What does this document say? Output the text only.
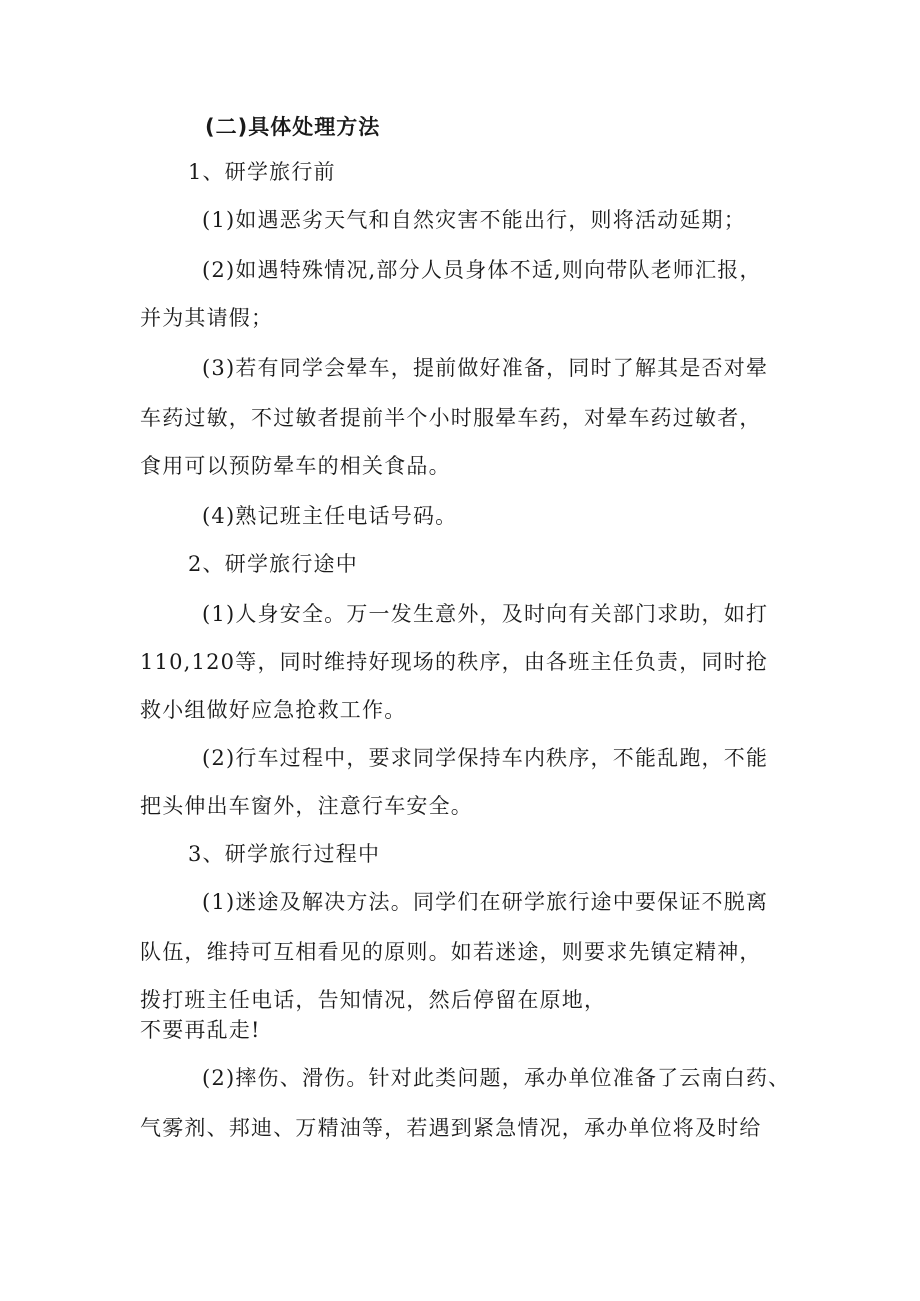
(二)具体处理方法
1、研学旅行前
(1)如遇恶劣天气和自然灾害不能出行，则将活动延期；
(2)如遇特殊情况,部分人员身体不适,则向带队老师汇报，
并为其请假；
(3)若有同学会晕车，提前做好准备，同时了解其是否对晕
车药过敏，不过敏者提前半个小时服晕车药，对晕车药过敏者，
食用可以预防晕车的相关食品。
(4)熟记班主任电话号码。
2、研学旅行途中
(1)人身安全。万一发生意外，及时向有关部门求助，如打
110,120等，同时维持好现场的秩序，由各班主任负责，同时抢
救小组做好应急抢救工作。
(2)行车过程中，要求同学保持车内秩序，不能乱跑，不能
把头伸出车窗外，注意行车安全。
3、研学旅行过程中
(1)迷途及解决方法。同学们在研学旅行途中要保证不脱离
队伍，维持可互相看见的原则。如若迷途，则要求先镇定精神，
拨打班主任电话，告知情况，然后停留在原地，
不要再乱走!
(2)摔伤、滑伤。针对此类问题，承办单位准备了云南白药、
气雾剂、邦迪、万精油等，若遇到紧急情况，承办单位将及时给
